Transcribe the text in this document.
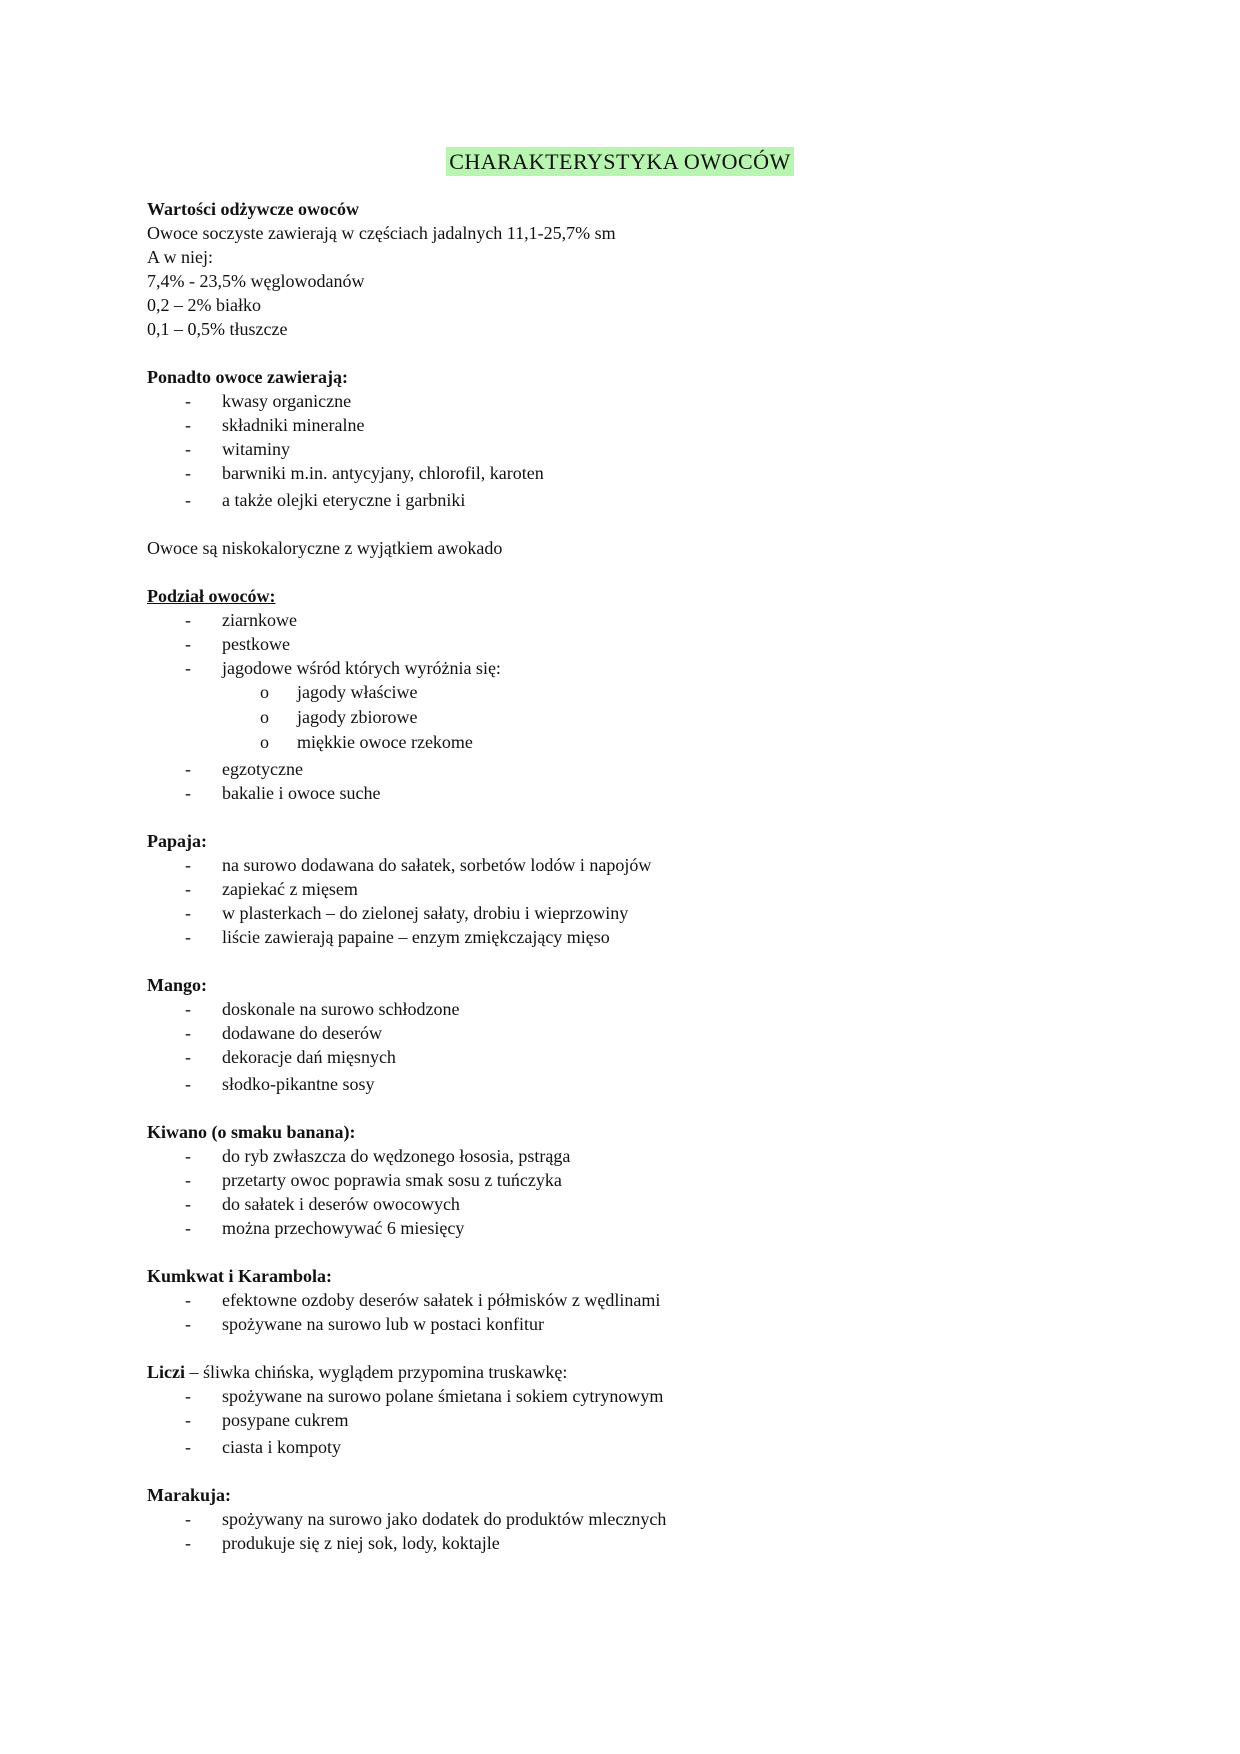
CHARAKTERYSTYKA OWOCÓW

Wartości odżywcze owoców

Owoce soczyste zawierają w częściach jadalnych 11,1-25,7% sm

A w niej:

7,4% - 23,5% węglowodanów

0,2 – 2% białko

0,1 – 0,5% tłuszcze

Ponadto owoce zawierają:

- kwasy organiczne
- składniki mineralne
- witaminy
- barwniki m.in. antycyjany, chlorofil, karoten
- a także olejki eteryczne i garbniki

Owoce są niskokaloryczne z wyjątkiem awokado

Podział owoców:

- ziarnkowe
- pestkowe
- jagodowe wśród których wyróżnia się:
o jagody właściwe
o jagody zbiorowe
o miękkie owoce rzekome
- egzotyczne
- bakalie i owoce suche

Papaja:

- na surowo dodawana do sałatek, sorbetów lodów i napojów
- zapiekać z mięsem
- w plasterkach – do zielonej sałaty, drobiu i wieprzowiny
- liście zawierają papaine – enzym zmiękczający mięso

Mango:

- doskonale na surowo schłodzone
- dodawane do deserów
- dekoracje dań mięsnych
- słodko-pikantne sosy

Kiwano (o smaku banana):

- do ryb zwłaszcza do wędzonego łososia, pstrąga
- przetarty owoc poprawia smak sosu z tuńczyka
- do sałatek i deserów owocowych
- można przechowywać 6 miesięcy

Kumkwat i Karambola:

- efektowne ozdoby deserów sałatek i półmisków z wędlinami
- spożywane na surowo lub w postaci konfitur

Liczi – śliwka chińska, wyglądem przypomina truskawkę:

- spożywane na surowo polane śmietana i sokiem cytrynowym
- posypane cukrem
- ciasta i kompoty

Marakuja:

- spożywany na surowo jako dodatek do produktów mlecznych
- produkuje się z niej sok, lody, koktajle
